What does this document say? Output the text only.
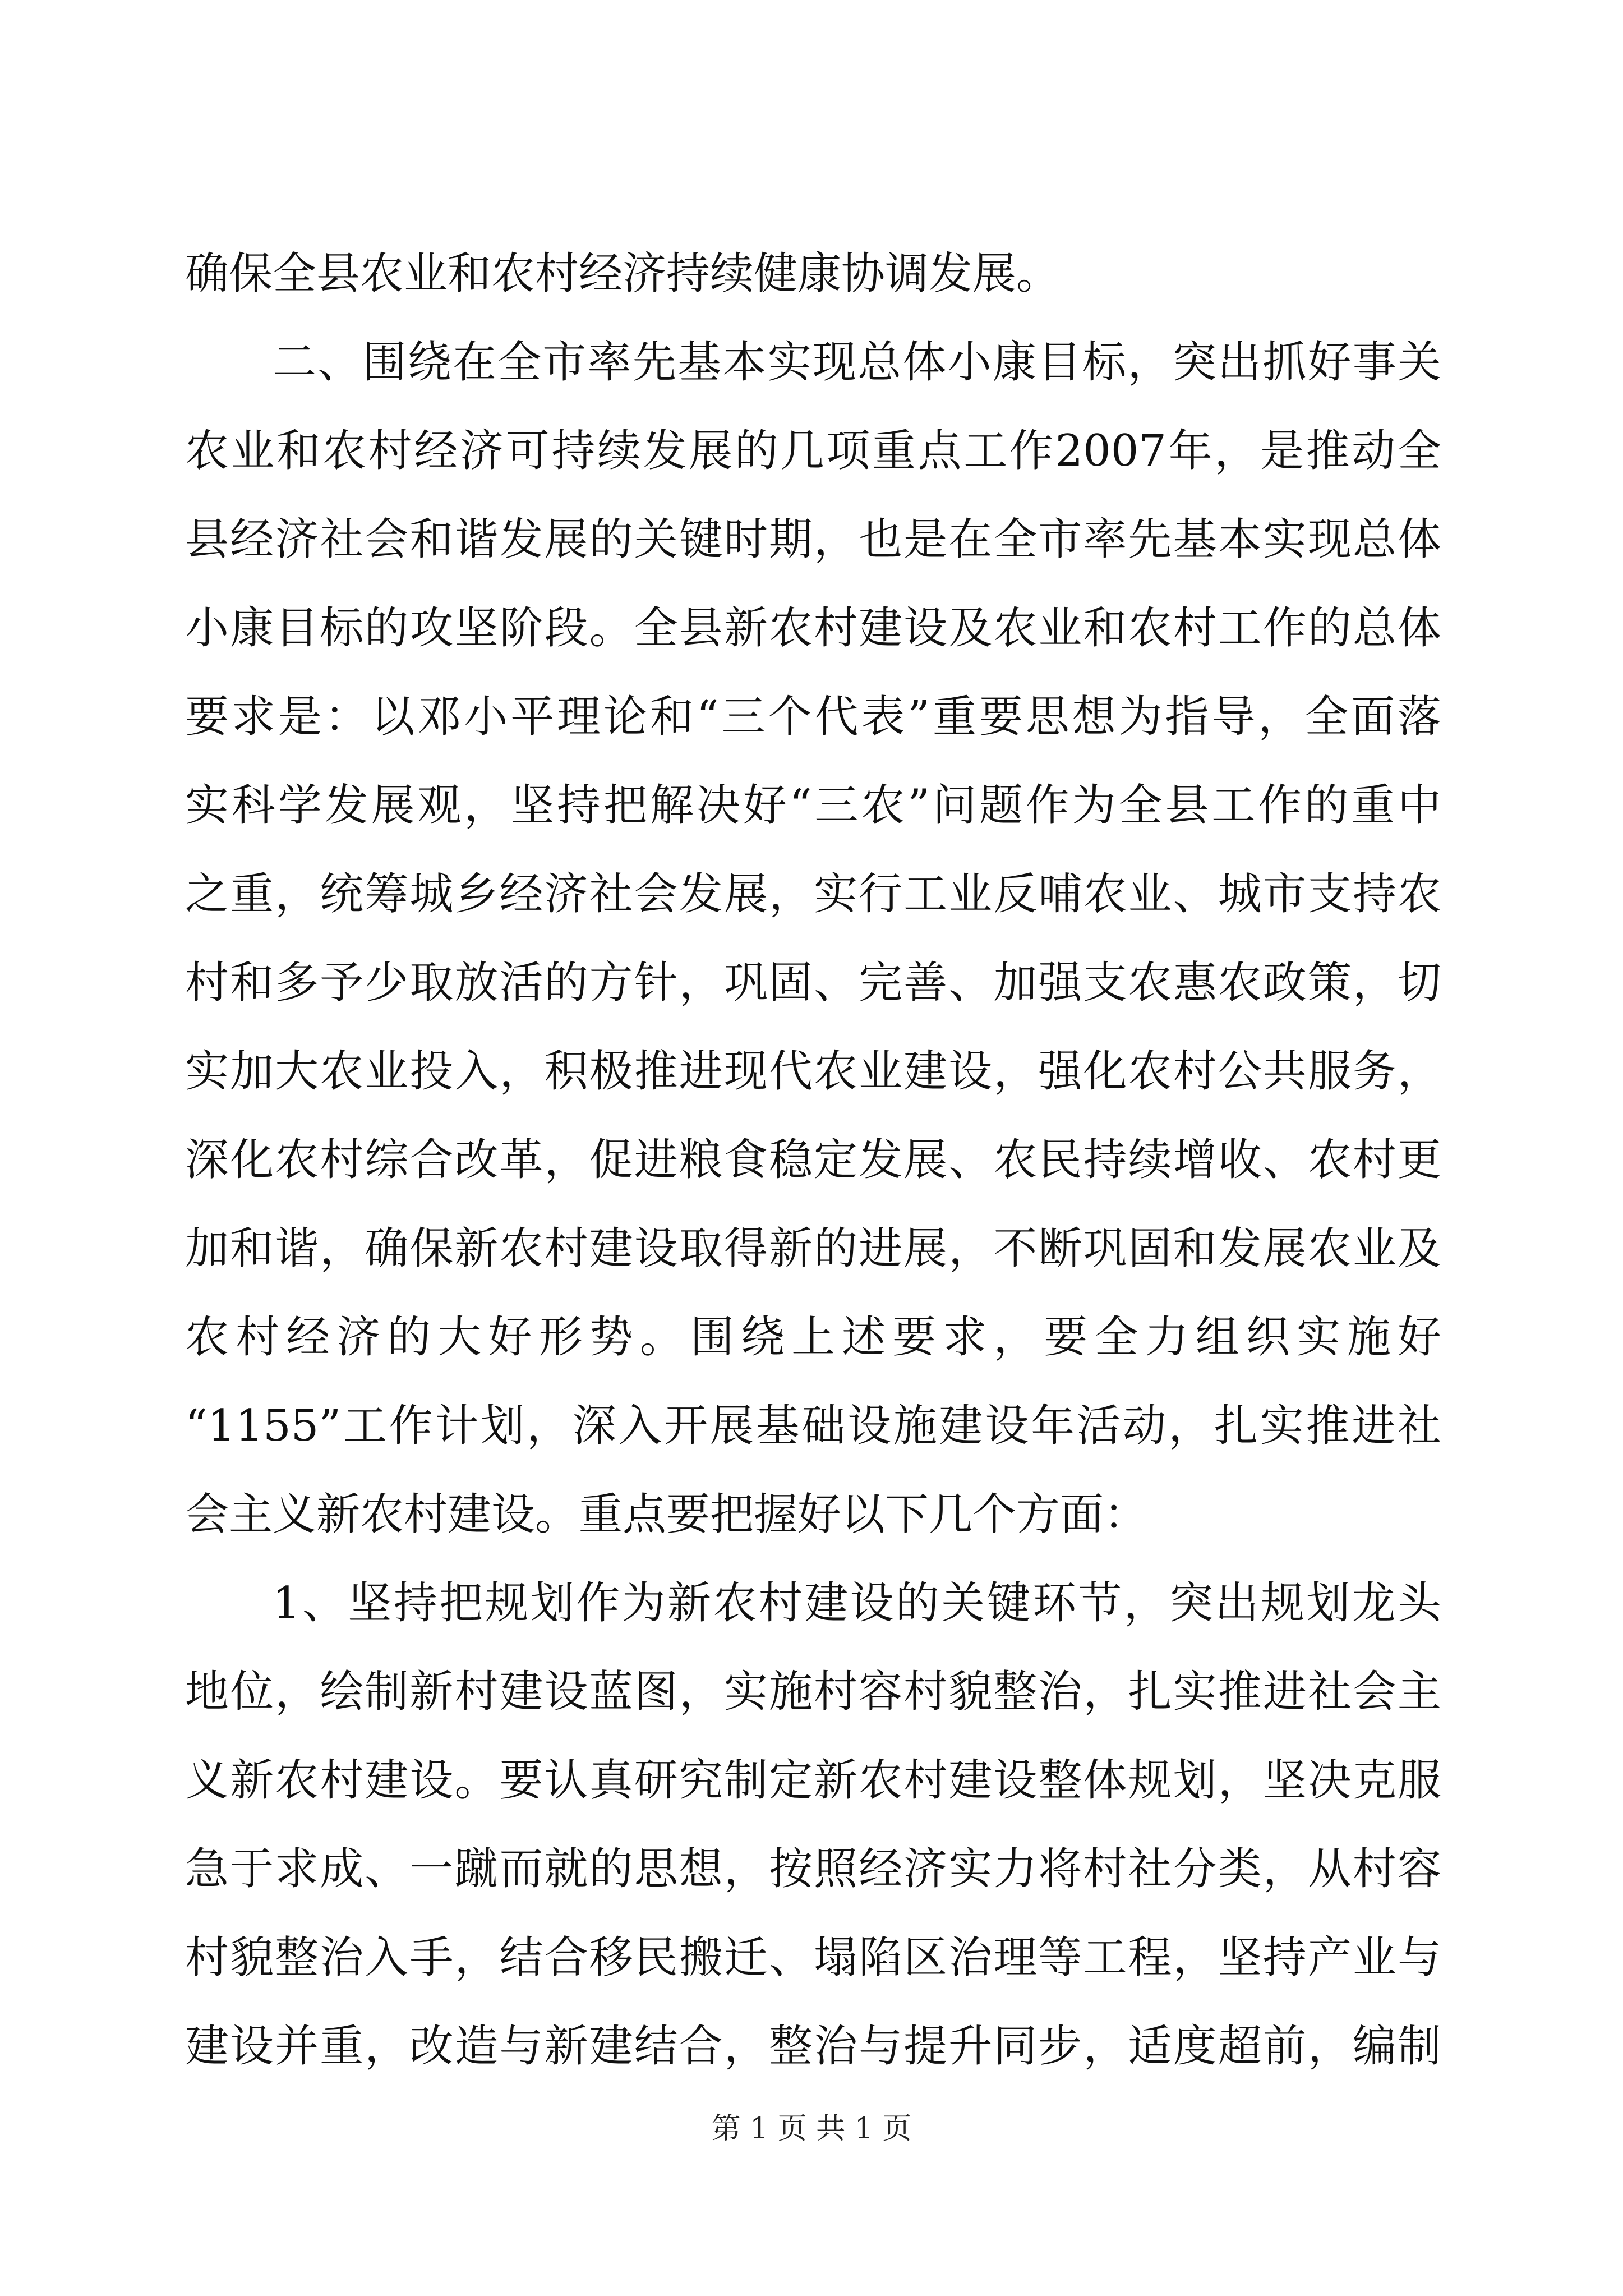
确保全县农业和农村经济持续健康协调发展。
二、围绕在全市率先基本实现总体小康目标，突出抓好事关
农业和农村经济可持续发展的几项重点工作2007年，是推动全
县经济社会和谐发展的关键时期，也是在全市率先基本实现总体
小康目标的攻坚阶段。全县新农村建设及农业和农村工作的总体
要求是：以邓小平理论和“三个代表”重要思想为指导，全面落
实科学发展观，坚持把解决好“三农”问题作为全县工作的重中
之重，统筹城乡经济社会发展，实行工业反哺农业、城市支持农
村和多予少取放活的方针，巩固、完善、加强支农惠农政策，切
实加大农业投入，积极推进现代农业建设，强化农村公共服务，
深化农村综合改革，促进粮食稳定发展、农民持续增收、农村更
加和谐，确保新农村建设取得新的进展，不断巩固和发展农业及
农村经济的大好形势。围绕上述要求，要全力组织实施好
“1155”工作计划，深入开展基础设施建设年活动，扎实推进社
会主义新农村建设。重点要把握好以下几个方面：
1、坚持把规划作为新农村建设的关键环节，突出规划龙头
地位，绘制新村建设蓝图，实施村容村貌整治，扎实推进社会主
义新农村建设。要认真研究制定新农村建设整体规划，坚决克服
急于求成、一蹴而就的思想，按照经济实力将村社分类，从村容
村貌整治入手，结合移民搬迁、塌陷区治理等工程，坚持产业与
建设并重，改造与新建结合，整治与提升同步，适度超前，编制
第 1 页 共 1 页
